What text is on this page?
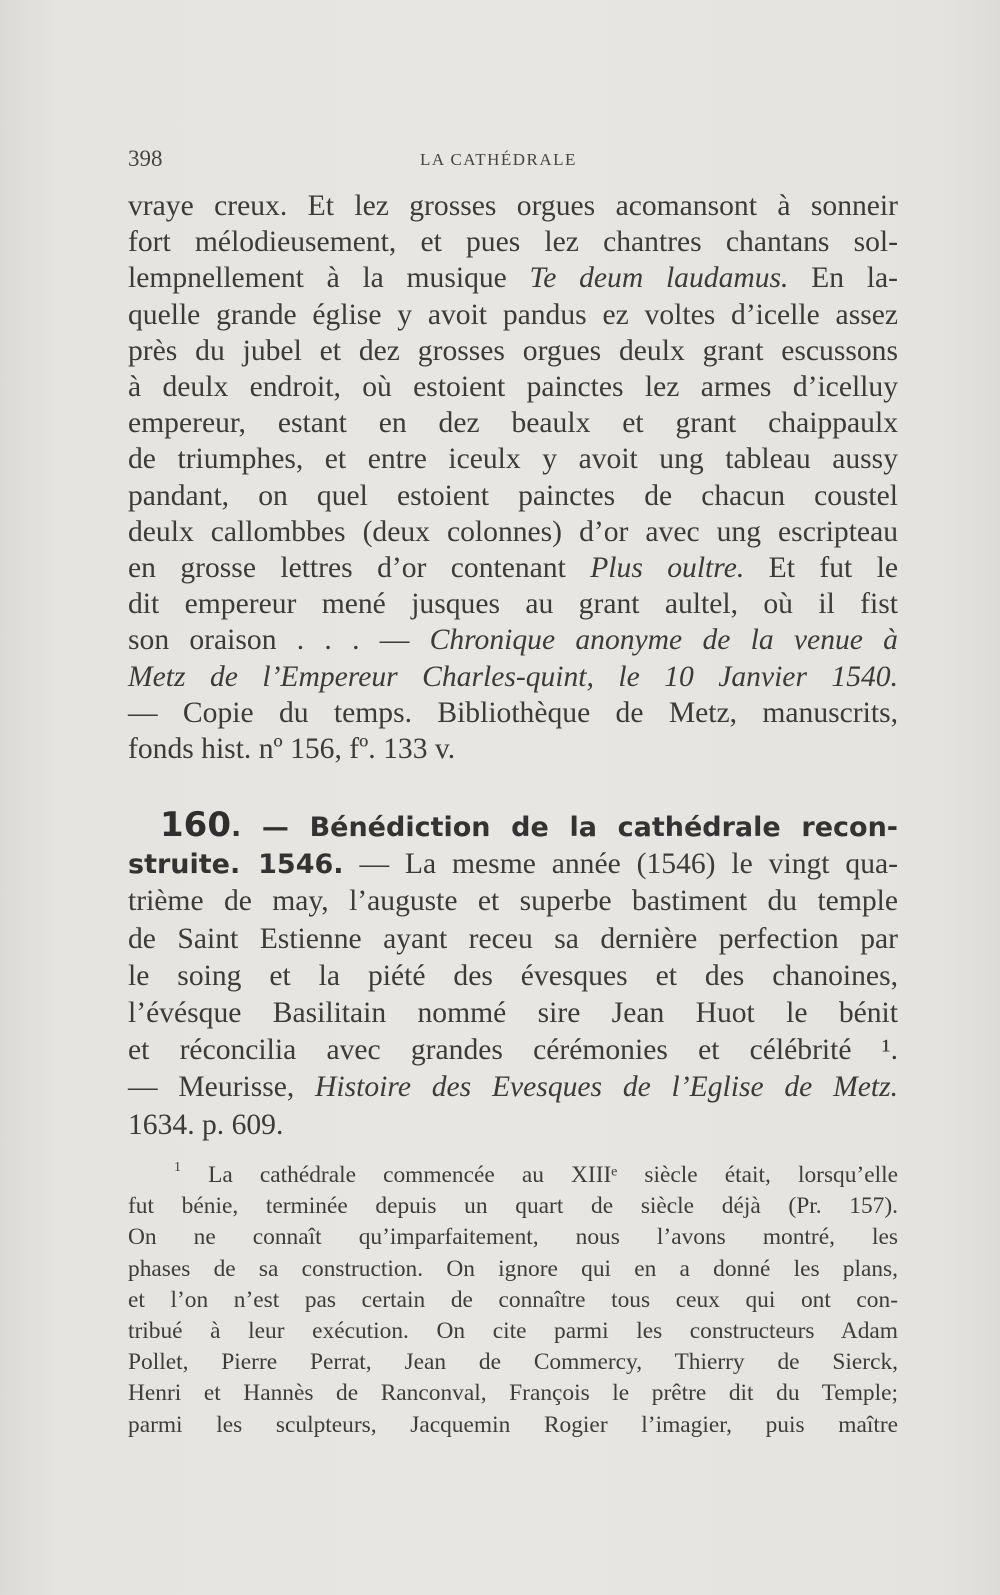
398	LA CATHÉDRALE
vraye creux. Et lez grosses orgues acomansont à sonneir
fort mélodieusement, et pues lez chantres chantans sol-
lempnellement à la musique Te deum laudamus. En la-
quelle grande église y avoit pandus ez voltes d’icelle assez
près du jubel et dez grosses orgues deulx grant escussons
à deulx endroit, où estoient painctes lez armes d’icelluy
empereur, estant en dez beaulx et grant chaippaulx
de triumphes, et entre iceulx y avoit ung tableau aussy
pandant, on quel estoient painctes de chacun coustel
deulx callombbes (deux colonnes) d’or avec ung escripteau
en grosse lettres d’or contenant Plus oultre. Et fut le
dit empereur mené jusques au grant aultel, où il fist
son oraison . . . — Chronique anonyme de la venue à
Metz de l’Empereur Charles-quint, le 10 Janvier 1540.
— Copie du temps. Bibliothèque de Metz, manuscrits,
fonds hist. nº 156, fº. 133 v.
160. — Bénédiction de la cathédrale recon-
struite. 1546. — La mesme année (1546) le vingt qua-
trième de may, l’auguste et superbe bastiment du temple
de Saint Estienne ayant receu sa dernière perfection par
le soing et la piété des évesques et des chanoines,
l’évésque Basilitain nommé sire Jean Huot le bénit
et réconcilia avec grandes cérémonies et célébrité ¹.
— Meurisse, Histoire des Evesques de l’Eglise de Metz.
1634. p. 609.
$^1$ La cathédrale commencée au XIIIᵉ siècle était, lorsqu’elle
fut bénie, terminée depuis un quart de siècle déjà (Pr. 157).
On ne connaît qu’imparfaitement, nous l’avons montré, les
phases de sa construction. On ignore qui en a donné les plans,
et l’on n’est pas certain de connaître tous ceux qui ont con-
tribué à leur exécution. On cite parmi les constructeurs Adam
Pollet, Pierre Perrat, Jean de Commercy, Thierry de Sierck,
Henri et Hannès de Ranconval, François le prêtre dit du Temple;
parmi les sculpteurs, Jacquemin Rogier l’imagier, puis maître
